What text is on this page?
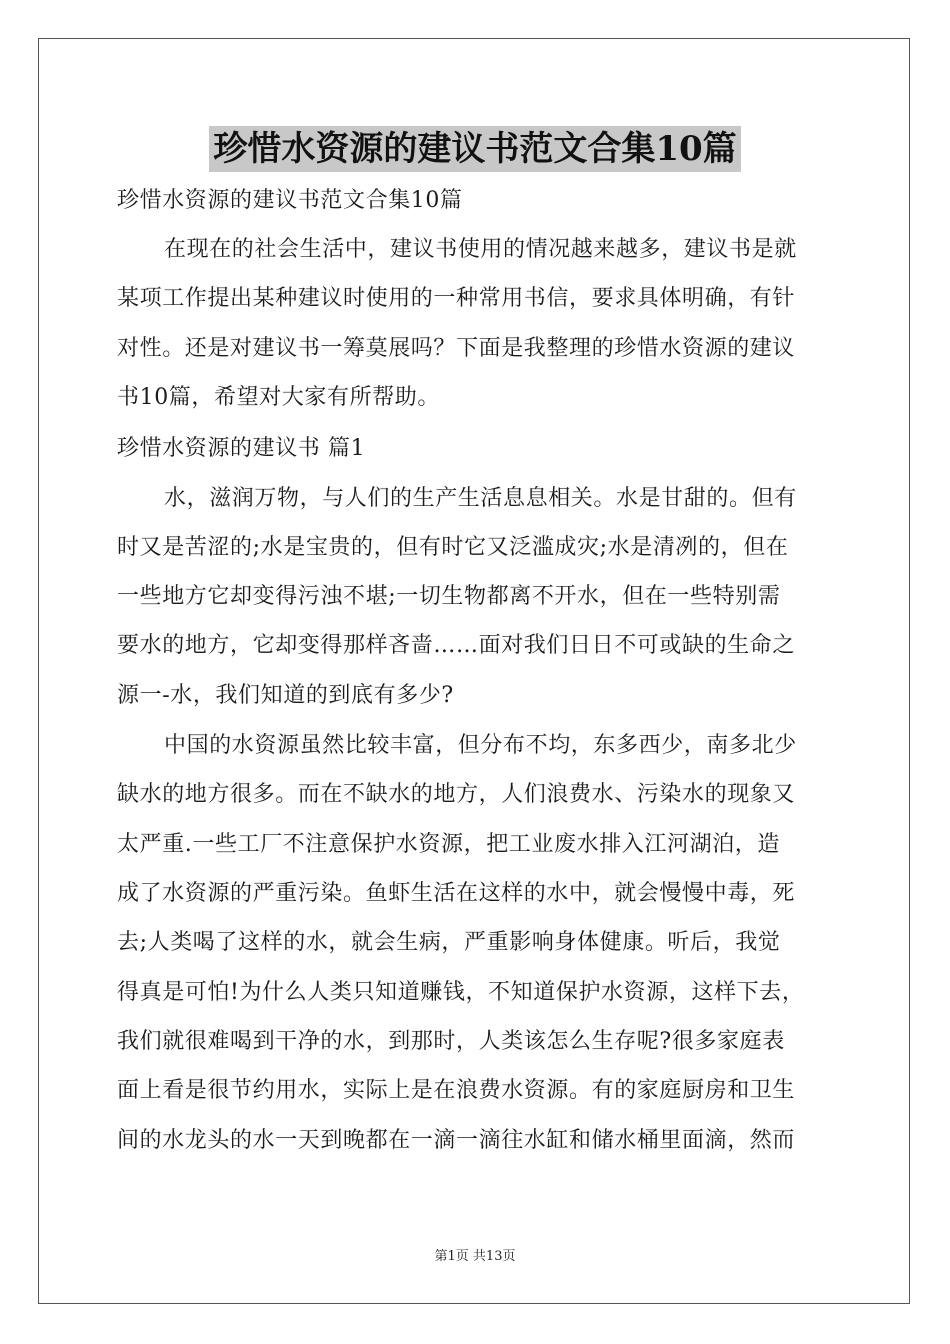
珍惜水资源的建议书范文合集10篇
珍惜水资源的建议书范文合集10篇
在现在的社会生活中，建议书使用的情况越来越多，建议书是就
某项工作提出某种建议时使用的一种常用书信，要求具体明确，有针
对性。还是对建议书一筹莫展吗？下面是我整理的珍惜水资源的建议
书10篇，希望对大家有所帮助。
珍惜水资源的建议书 篇1
水，滋润万物，与人们的生产生活息息相关。水是甘甜的。但有
时又是苦涩的;水是宝贵的，但有时它又泛滥成灾;水是清冽的，但在
一些地方它却变得污浊不堪;一切生物都离不开水，但在一些特别需
要水的地方，它却变得那样吝啬……面对我们日日不可或缺的生命之
源一-水，我们知道的到底有多少?
中国的水资源虽然比较丰富，但分布不均，东多西少，南多北少
缺水的地方很多。而在不缺水的地方，人们浪费水、污染水的现象又
太严重.一些工厂不注意保护水资源，把工业废水排入江河湖泊，造
成了水资源的严重污染。鱼虾生活在这样的水中，就会慢慢中毒，死
去;人类喝了这样的水，就会生病，严重影响身体健康。听后，我觉
得真是可怕!为什么人类只知道赚钱，不知道保护水资源，这样下去，
我们就很难喝到干净的水，到那时，人类该怎么生存呢?很多家庭表
面上看是很节约用水，实际上是在浪费水资源。有的家庭厨房和卫生
间的水龙头的水一天到晚都在一滴一滴往水缸和储水桶里面滴，然而
第1页 共13页
